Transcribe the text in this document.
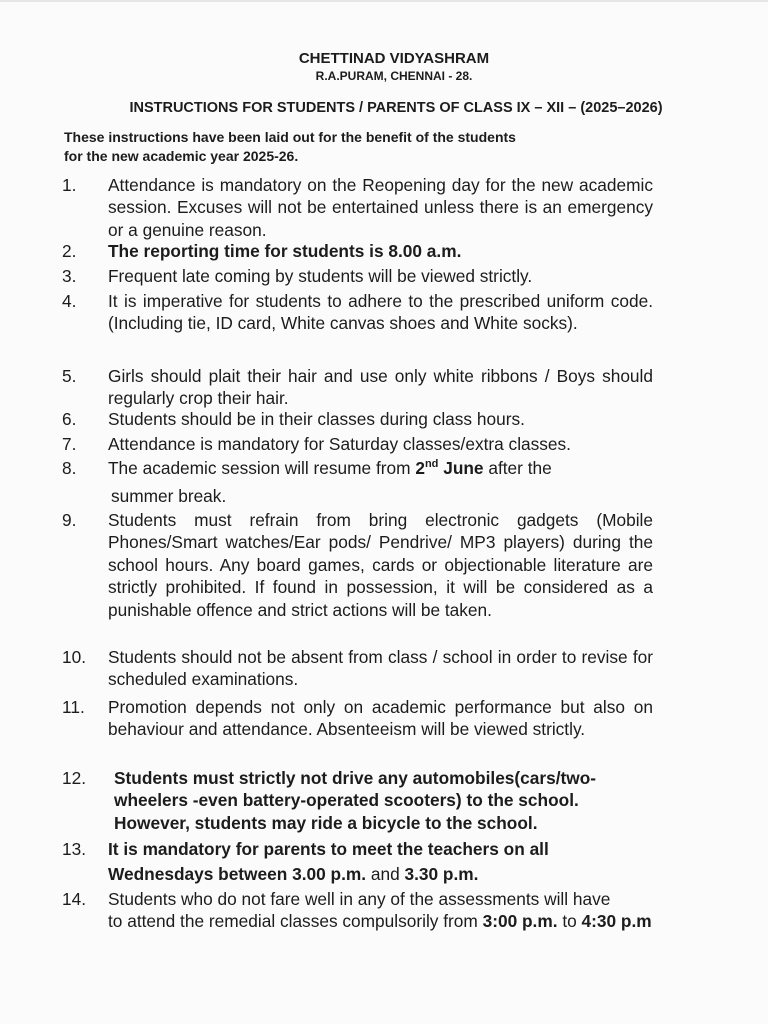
CHETTINAD VIDYASHRAM
R.A.PURAM, CHENNAI - 28.
INSTRUCTIONS FOR STUDENTS / PARENTS OF CLASS IX – XII – (2025–2026)
These instructions have been laid out for the benefit of the students
for the new academic year 2025-26.
1.	Attendance is mandatory on the Reopening day for the new academic session. Excuses will not be entertained unless there is an emergency or a genuine reason.
2.	The reporting time for students is 8.00 a.m.
3.	Frequent late coming by students will be viewed strictly.
4.	It is imperative for students to adhere to the prescribed uniform code. (Including tie, ID card, White canvas shoes and White socks).
5.	Girls should plait their hair and use only white ribbons / Boys should regularly crop their hair.
6.	Students should be in their classes during class hours.
7.	Attendance is mandatory for Saturday classes/extra classes.
8.	The academic session will resume from 2nd June after the
summer break.
9.	Students must refrain from bring electronic gadgets (Mobile Phones/Smart watches/Ear pods/ Pendrive/ MP3 players) during the school hours. Any board games, cards or objectionable literature are strictly prohibited. If found in possession, it will be considered as a punishable offence and strict actions will be taken.
10.	Students should not be absent from class / school in order to revise for scheduled examinations.
11.	Promotion depends not only on academic performance but also on behaviour and attendance. Absenteeism will be viewed strictly.
12.	Students must strictly not drive any automobiles(cars/two-
wheelers -even battery-operated scooters) to the school.
However, students may ride a bicycle to the school.
13.	It is mandatory for parents to meet the teachers on all
Wednesdays between 3.00 p.m. and 3.30 p.m.
14.	Students who do not fare well in any of the assessments will have
to attend the remedial classes compulsorily from 3:00 p.m. to 4:30 p.m
